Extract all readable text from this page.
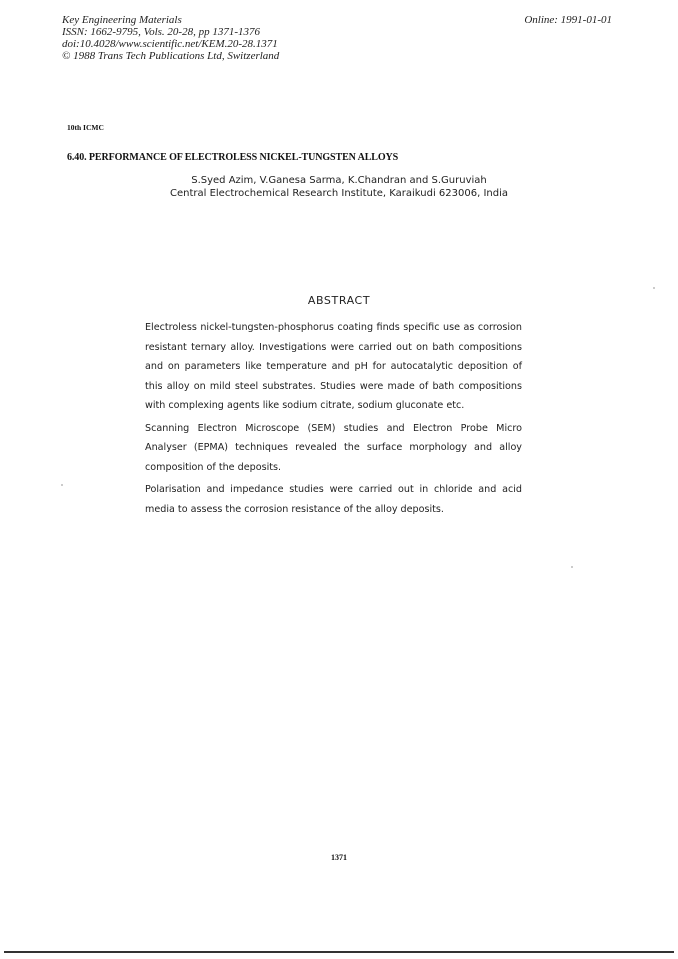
Key Engineering Materials
ISSN: 1662-9795, Vols. 20-28, pp 1371-1376
doi:10.4028/www.scientific.net/KEM.20-28.1371
© 1988 Trans Tech Publications Ltd, Switzerland
Online: 1991-01-01
10th ICMC
6.40. PERFORMANCE OF ELECTROLESS NICKEL-TUNGSTEN ALLOYS
S.Syed Azim, V.Ganesa Sarma, K.Chandran and S.Guruviah
Central Electrochemical Research Institute, Karaikudi 623006, India
ABSTRACT

Electroless nickel-tungsten-phosphorus coating finds specific use as corrosion resistant ternary alloy. Investigations were carried out on bath compositions and on parameters like temperature and pH for autocatalytic deposition of this alloy on mild steel substrates. Studies were made of bath compositions with complexing agents like sodium citrate, sodium gluconate etc.

Scanning Electron Microscope (SEM) studies and Electron Probe Micro Analyser (EPMA) techniques revealed the surface morphology and alloy composition of the deposits.

Polarisation and impedance studies were carried out in chloride and acid media to assess the corrosion resistance of the alloy deposits.

1371
